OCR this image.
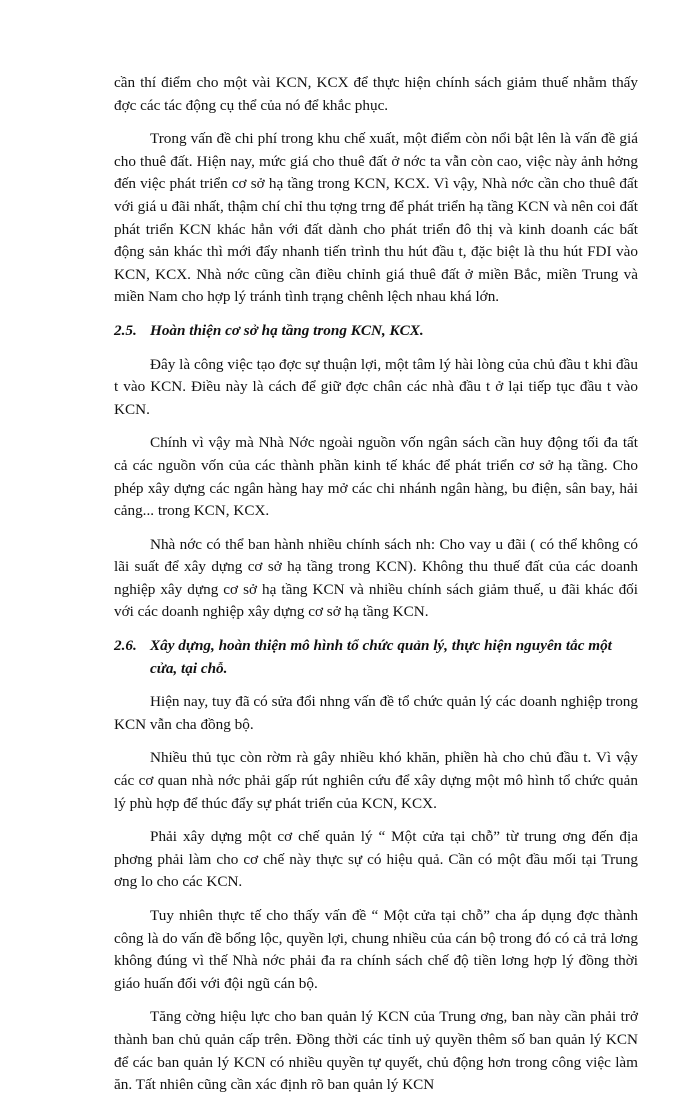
cần thí điểm cho một vài KCN, KCX để thực hiện chính sách giảm thuế nhằm thấy đợc các tác động cụ thể của nó để khắc phục.

Trong vấn đề chi phí trong khu chế xuất, một điểm còn nổi bật lên là vấn đề giá cho thuê đất. Hiện nay, mức giá cho thuê đất ở nớc ta vẫn còn cao, việc này ảnh hởng đến việc phát triển cơ sở hạ tầng trong KCN, KCX. Vì vậy, Nhà nớc cần cho thuê đất với giá u đãi nhất, thậm chí chỉ thu tợng trng để phát triển hạ tầng KCN và nên coi đất phát triển KCN khác hẳn với đất dành cho phát triển đô thị và kinh doanh các bất động sản khác thì mới đẩy nhanh tiến trình thu hút đầu t, đặc biệt là thu hút FDI vào KCN, KCX. Nhà nớc cũng cần điều chỉnh giá thuê đất ở miền Bắc, miền Trung và miền Nam cho hợp lý tránh tình trạng chênh lệch nhau khá lớn.

2.5. Hoàn thiện cơ sở hạ tầng trong KCN, KCX.

Đây là công việc tạo đợc sự thuận lợi, một tâm lý hài lòng của chủ đầu t khi đầu t vào KCN. Điều này là cách để giữ đợc chân các nhà đầu t ở lại tiếp tục đầu t vào KCN.

Chính vì vậy mà Nhà Nớc ngoài nguồn vốn ngân sách cần huy động tối đa tất cả các nguồn vốn của các thành phần kinh tế khác để phát triển cơ sở hạ tầng. Cho phép xây dựng các ngân hàng hay mở các chi nhánh ngân hàng, bu điện, sân bay, hải cảng... trong KCN, KCX.

Nhà nớc có thể ban hành nhiều chính sách nh: Cho vay u đãi ( có thể không có lãi suất để xây dựng cơ sở hạ tầng trong KCN). Không thu thuế đất của các doanh nghiệp xây dựng cơ sở hạ tầng KCN và nhiều chính sách giảm thuế, u đãi khác đối với các doanh nghiệp xây dựng cơ sở hạ tầng KCN.

2.6. Xây dựng, hoàn thiện mô hình tổ chức quản lý, thực hiện nguyên tắc một cửa, tại chỗ.

Hiện nay, tuy đã có sửa đổi nhng vấn đề tổ chức quản lý các doanh nghiệp trong KCN vẫn cha đồng bộ.

Nhiều thủ tục còn rờm rà gây nhiều khó khăn, phiền hà cho chủ đầu t. Vì vậy các cơ quan nhà nớc phải gấp rút nghiên cứu để xây dựng một mô hình tổ chức quản lý phù hợp để thúc đẩy sự phát triển của KCN, KCX.

Phải xây dựng một cơ chế quản lý “ Một cửa tại chỗ” từ trung ơng đến địa phơng phải làm cho cơ chế này thực sự có hiệu quả. Cần có một đầu mối tại Trung ơng lo cho các KCN.

Tuy nhiên thực tế cho thấy vấn đề “ Một cửa tại chỗ” cha áp dụng đợc thành công là do vấn đề bổng lộc, quyền lợi, chung nhiều của cán bộ trong đó có cả trả lơng không đúng vì thế Nhà nớc phải đa ra chính sách chế độ tiền lơng hợp lý đồng thời giáo huấn đối với đội ngũ cán bộ.

Tăng cờng hiệu lực cho ban quản lý KCN của Trung ơng, ban này cần phải trở thành ban chủ quản cấp trên. Đồng thời các tỉnh uỷ quyền thêm số ban quản lý KCN để các ban quản lý KCN có nhiều quyền tự quyết, chủ động hơn trong công việc làm ăn. Tất nhiên cũng cần xác định rõ ban quản lý KCN
